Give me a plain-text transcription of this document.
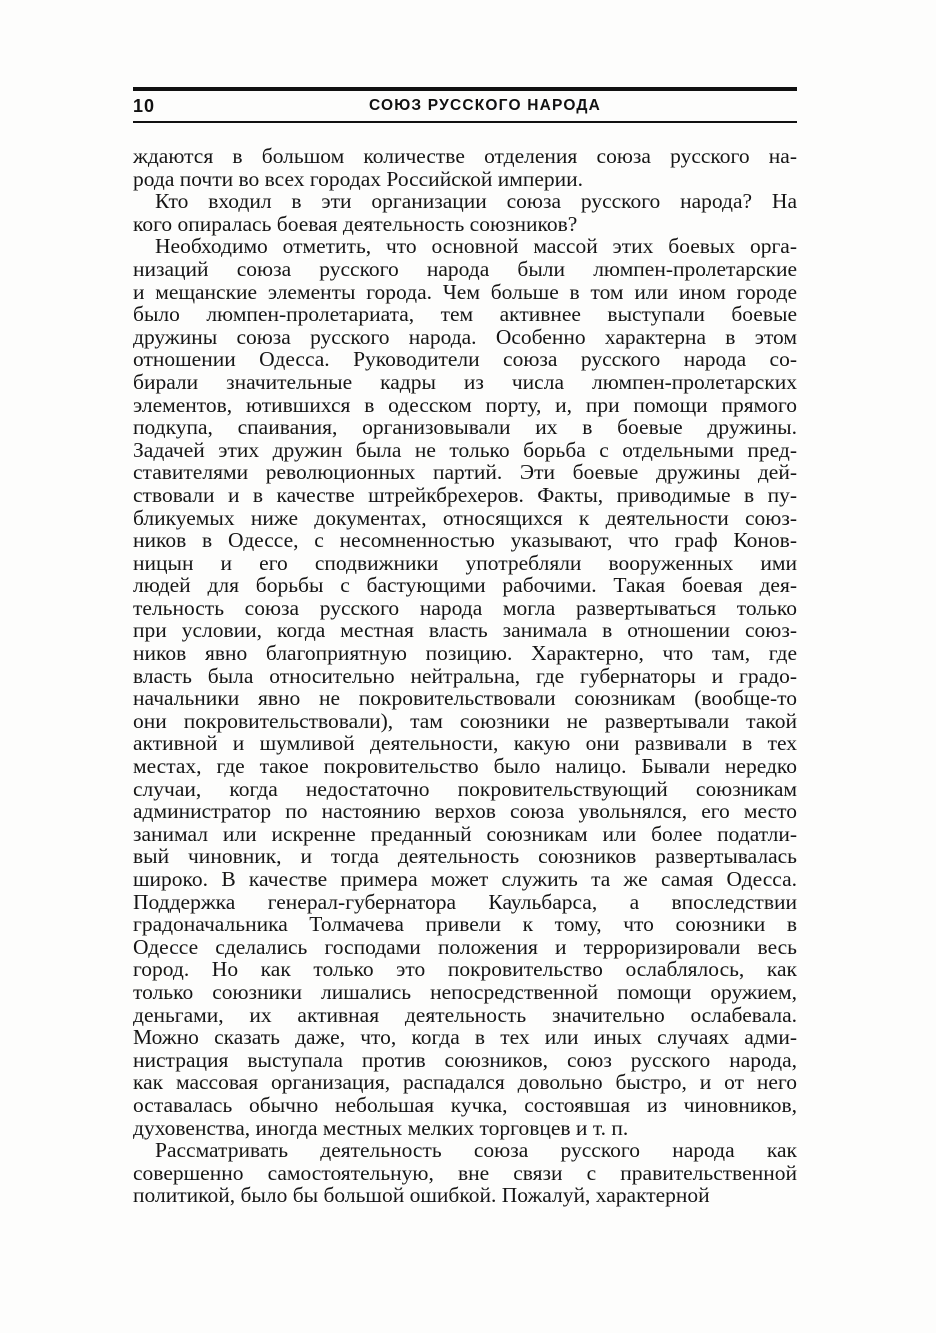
10	СОЮЗ РУССКОГО НАРОДА
ждаются в большом количестве отделения союза русского на-
рода почти во всех городах Российской империи.
Кто входил в эти организации союза русского народа? На
кого опиралась боевая деятельность союзников?
Необходимо отметить, что основной массой этих боевых орга-
низаций союза русского народа были люмпен-пролетарские
и мещанские элементы города. Чем больше в том или ином городе
было люмпен-пролетариата, тем активнее выступали боевые
дружины союза русского народа. Особенно характерна в этом
отношении Одесса. Руководители союза русского народа со-
бирали значительные кадры из числа люмпен-пролетарских
элементов, ютившихся в одесском порту, и, при помощи прямого
подкупа, спаивания, организовывали их в боевые дружины.
Задачей этих дружин была не только борьба с отдельными пред-
ставителями революционных партий. Эти боевые дружины дей-
ствовали и в качестве штрейкбрехеров. Факты, приводимые в пу-
бликуемых ниже документах, относящихся к деятельности союз-
ников в Одессе, с несомненностью указывают, что граф Конов-
ницын и его сподвижники употребляли вооруженных ими
людей для борьбы с бастующими рабочими. Такая боевая дея-
тельность союза русского народа могла развертываться только
при условии, когда местная власть занимала в отношении союз-
ников явно благоприятную позицию. Характерно, что там, где
власть была относительно нейтральна, где губернаторы и градо-
начальники явно не покровительствовали союзникам (вообще-то
они покровительствовали), там союзники не развертывали такой
активной и шумливой деятельности, какую они развивали в тех
местах, где такое покровительство было налицо. Бывали нередко
случаи, когда недостаточно покровительствующий союзникам
администратор по настоянию верхов союза увольнялся, его место
занимал или искренне преданный союзникам или более податли-
вый чиновник, и тогда деятельность союзников развертывалась
широко. В качестве примера может служить та же самая Одесса.
Поддержка генерал-губернатора Каульбарса, а впоследствии
градоначальника Толмачева привели к тому, что союзники в
Одессе сделались господами положения и терроризировали весь
город. Но как только это покровительство ослаблялось, как
только союзники лишались непосредственной помощи оружием,
деньгами, их активная деятельность значительно ослабевала.
Можно сказать даже, что, когда в тех или иных случаях адми-
нистрация выступала против союзников, союз русского народа,
как массовая организация, распадался довольно быстро, и от него
оставалась обычно небольшая кучка, состоявшая из чиновников,
духовенства, иногда местных мелких торговцев и т. п.
Рассматривать деятельность союза русского народа как
совершенно самостоятельную, вне связи с правительственной
политикой, было бы большой ошибкой. Пожалуй, характерной
